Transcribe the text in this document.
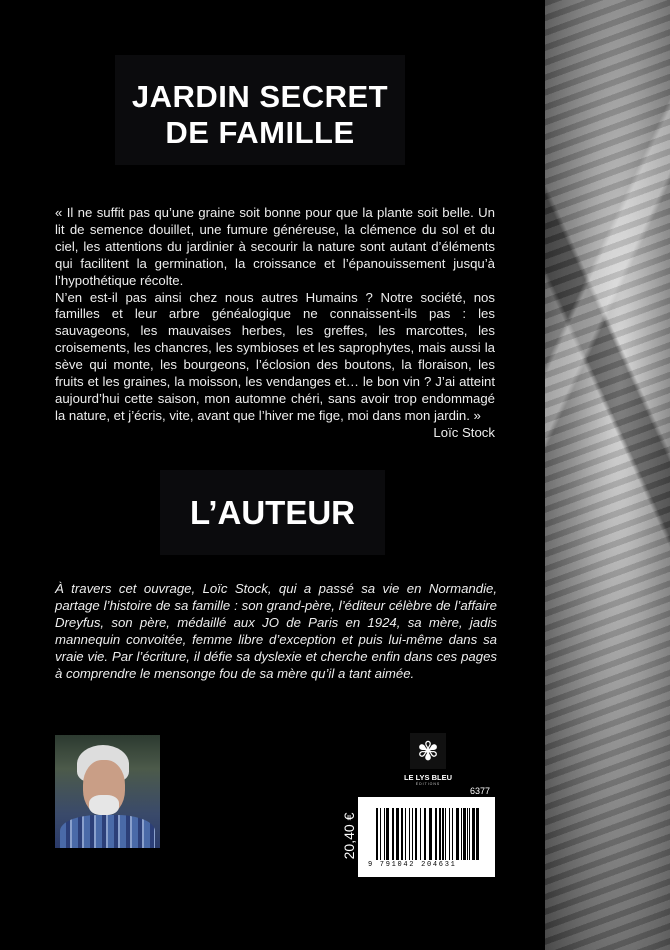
JARDIN SECRET
DE FAMILLE

« Il ne suffit pas qu’une graine soit bonne pour que la plante soit belle. Un lit de semence douillet, une fumure généreuse, la clémence du sol et du ciel, les attentions du jardinier à secourir la nature sont autant d’éléments qui facilitent la germination, la croissance et l’épanouissement jusqu’à l’hypothétique récolte.

N’en est-il pas ainsi chez nous autres Humains ? Notre société, nos familles et leur arbre généalogique ne connaissent-ils pas : les sauvageons, les mauvaises herbes, les greffes, les marcottes, les croisements, les chancres, les symbioses et les saprophytes, mais aussi la sève qui monte, les bourgeons, l’éclosion des boutons, la floraison, les fruits et les graines, la moisson, les vendanges et… le bon vin ? J’ai atteint aujourd’hui cette saison, mon automne chéri, sans avoir trop endommagé la nature, et j’écris, vite, avant que l’hiver me fige, moi dans mon jardin. »

Loïc Stock

L’AUTEUR
À travers cet ouvrage, Loïc Stock, qui a passé sa vie en Normandie, partage l’histoire de sa famille : son grand-père, l’éditeur célèbre de l’affaire Dreyfus, son père, médaillé aux JO de Paris en 1924, sa mère, jadis mannequin convoitée, femme libre d’exception et puis lui-même dans sa vraie vie. Par l’écriture, il défie sa dyslexie et cherche enfin dans ces pages à comprendre le mensonge fou de sa mère qu’il a tant aimée.
✾
LE LYS BLEU
ÉDITIONS
6377
9 791042 204631
20,40 €
